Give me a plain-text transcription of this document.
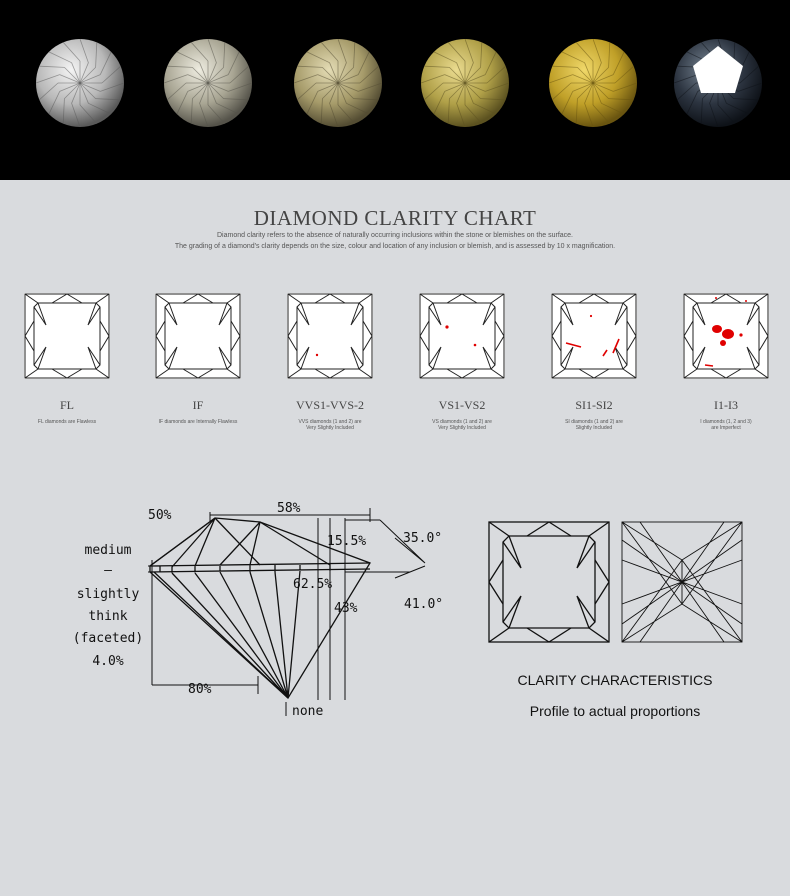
DIAMOND CLARITY CHART
Diamond clarity refers to the absence of naturally occurring inclusions within the stone or blemishes on the surface.
The grading of a diamond's clarity depends on the size, colour and location of any inclusion or blemish, and is assessed by 10 x magnification.
FL
FL diamonds are Flawless
IF
IF diamonds are Internally Flawless
VVS1-VVS-2
VVS diamonds (1 and 2) are
Very Slightly Included
VS1-VS2
VS diamonds (1 and 2) are
Very Slightly Included
SI1-SI2
SI diamonds (1 and 2) are
Slightly Included
I1-I3
I diamonds (1, 2 and 3)
are Imperfect
50%	58%
15.5%	35.0°
62.5%
43%	41.0°
80%
none
medium
—
slightly
think
(faceted)
4.0%
CLARITY CHARACTERISTICS
Profile to actual proportions
